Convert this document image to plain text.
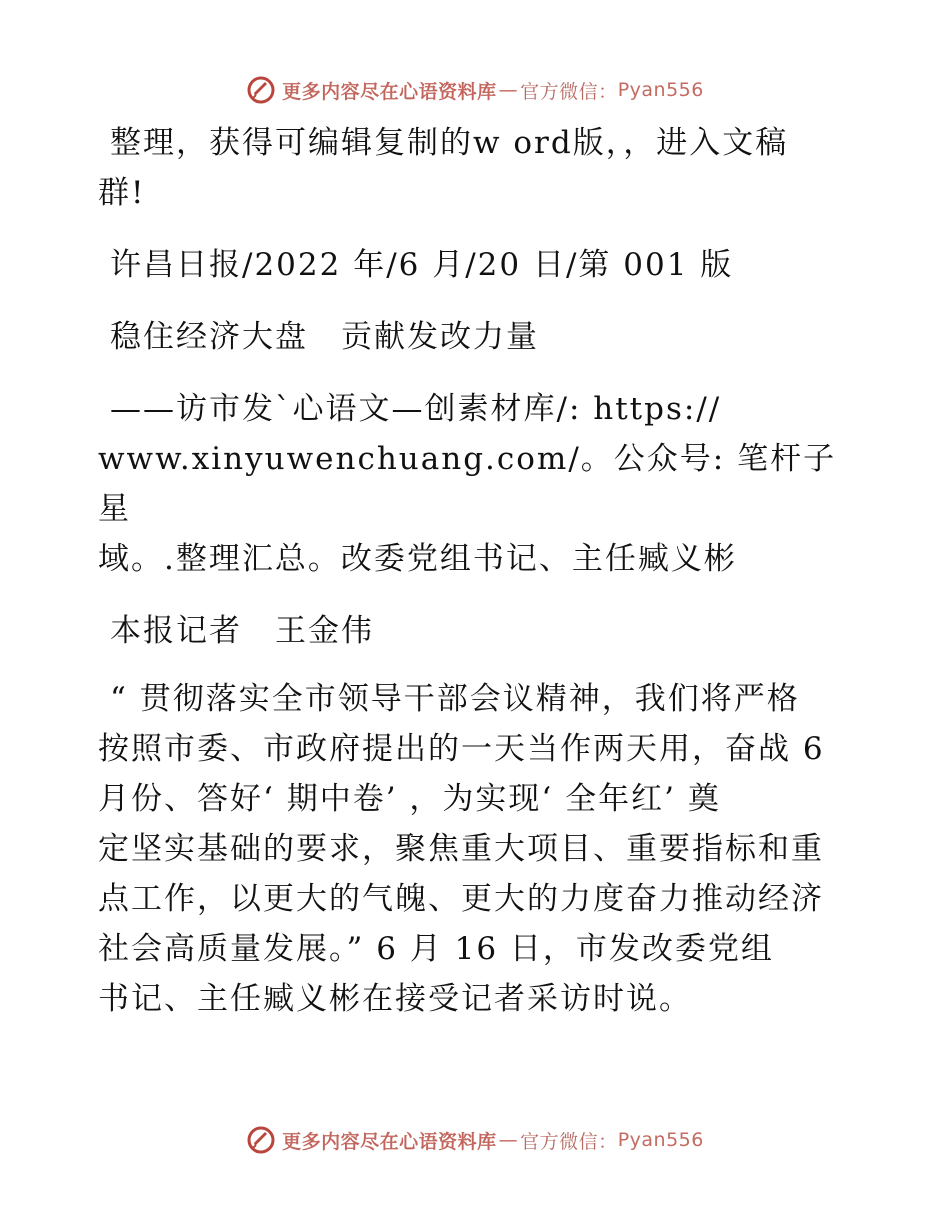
更多内容尽在心语资料库 — 官方微信： Pyan556

整理，获得可编辑复制的w ord版，，进入文稿

群!

许昌日报/2022 年/6 月/20 日/第 001 版

稳住经济大盘　贡献发改力量

——访市发`心语文—创素材库/: https://

www.xinyuwenchuang.com/。公众号: 笔杆子星

域。.整理汇总。改委党组书记、主任臧义彬

本报记者　王金伟

“ 贯彻落实全市领导干部会议精神，我们将严格

按照市委、市政府提出的一天当作两天用，奋战 6

月份、答好‘ 期中卷’ ，为实现‘ 全年红’ 奠

定坚实基础的要求，聚焦重大项目、重要指标和重

点工作，以更大的气魄、更大的力度奋力推动经济

社会高质量发展。” 6 月 16 日，市发改委党组

书记、主任臧义彬在接受记者采访时说。

更多内容尽在心语资料库 — 官方微信： Pyan556
